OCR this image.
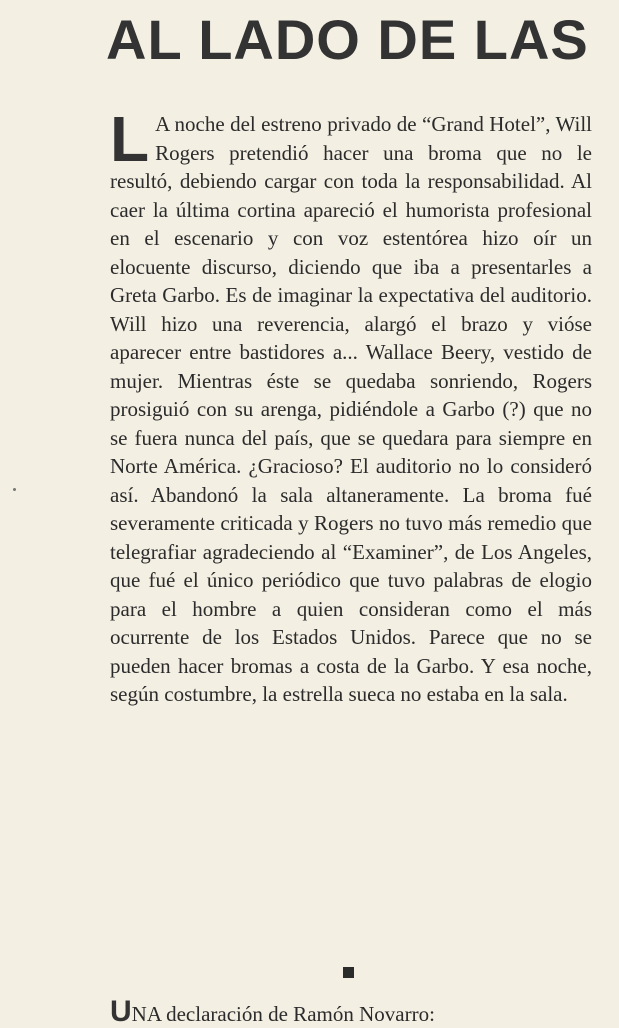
AL LADO DE LAS
L A noche del estreno privado de “Grand Hotel”, Will Rogers pretendió hacer una broma que no le resultó, debiendo cargar con toda la responsabilidad. Al caer la última cortina apareció el humorista profesional en el escenario y con voz estentórea hizo oír un elocuente discurso, diciendo que iba a presentarles a Greta Garbo. Es de imaginar la expectativa del auditorio. Will hizo una reverencia, alargó el brazo y vióse aparecer entre bastidores a... Wallace Beery, vestido de mujer. Mientras éste se quedaba sonriendo, Rogers prosiguió con su arenga, pidiéndole a Garbo (?) que no se fuera nunca del país, que se quedara para siempre en Norte América. ¿Gracioso? El auditorio no lo consideró así. Abandonó la sala altaneramente. La broma fué severamente criticada y Rogers no tuvo más remedio que telegrafiar agradeciendo al “Examiner”, de Los Angeles, que fué el único periódico que tuvo palabras de elogio para el hombre a quien consideran como el más ocurrente de los Estados Unidos. Parece que no se pueden hacer bromas a costa de la Garbo. Y esa noche, según costumbre, la estrella sueca no estaba en la sala.
UNA declaración de Ramón Novarro:
